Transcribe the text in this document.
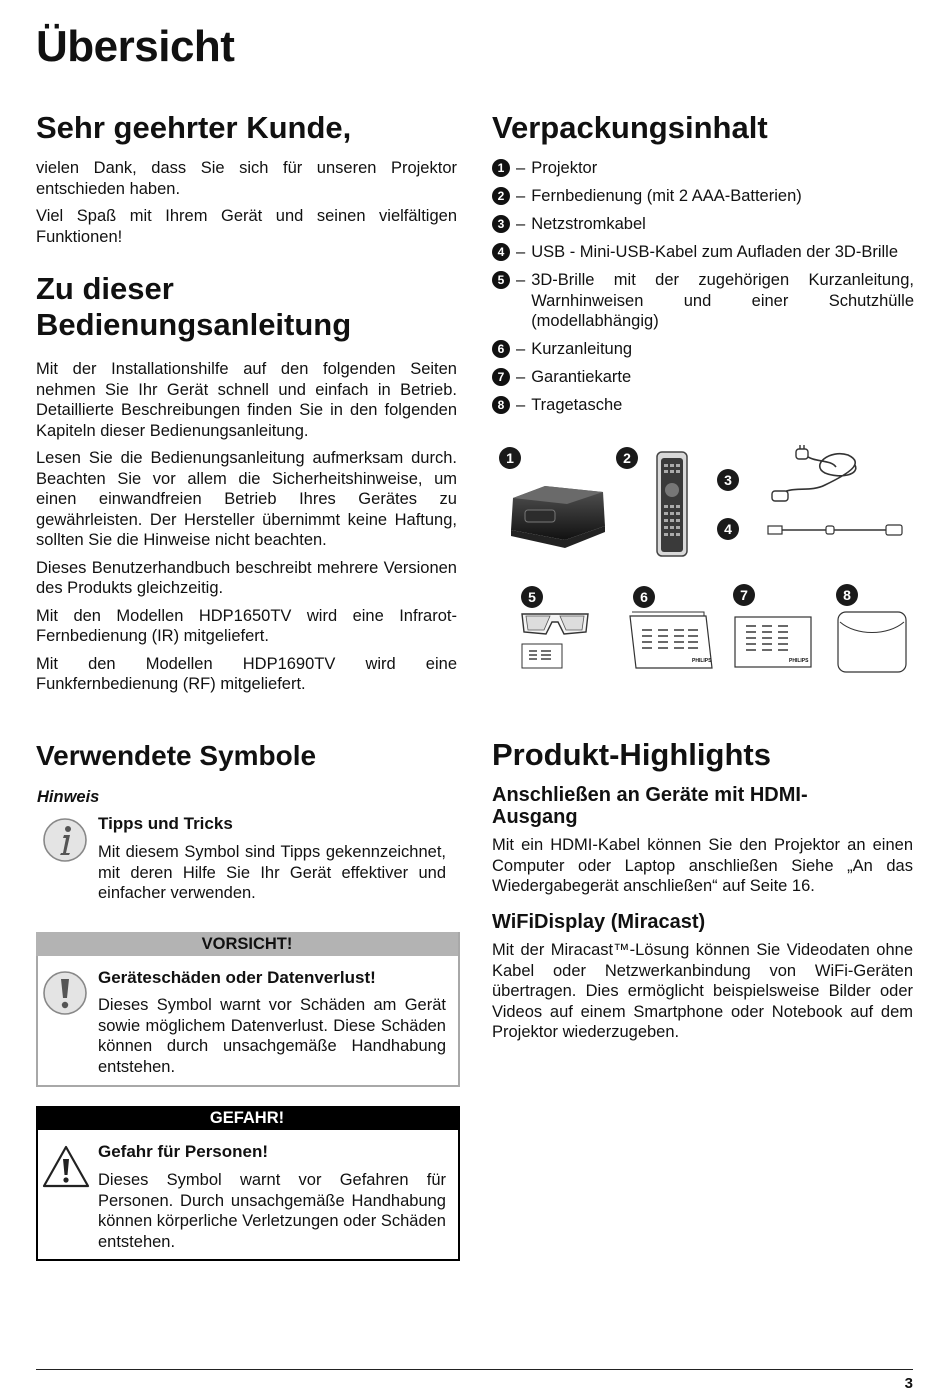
Übersicht
Sehr geehrter Kunde,

vielen Dank, dass Sie sich für unseren Projektor entschieden haben.

Viel Spaß mit Ihrem Gerät und seinen vielfältigen Funktionen!

Zu dieser
Bedienungsanleitung

Mit der Installationshilfe auf den folgenden Seiten nehmen Sie Ihr Gerät schnell und einfach in Betrieb. Detaillierte Beschreibungen finden Sie in den folgenden Kapiteln dieser Bedienungsanleitung.

Lesen Sie die Bedienungsanleitung aufmerksam durch. Beachten Sie vor allem die Sicherheitshinweise, um einen einwandfreien Betrieb Ihres Gerätes zu gewährleisten. Der Hersteller übernimmt keine Haftung, sollten Sie die Hinweise nicht beachten.

Dieses Benutzerhandbuch beschreibt mehrere Versionen des Produkts gleichzeitig.

Mit den Modellen HDP1650TV wird eine Infrarot-Fernbedienung (IR) mitgeliefert.

Mit den Modellen HDP1690TV wird eine Funkfernbedienung (RF) mitgeliefert.

Verpackungsinhalt
1 – Projektor
2 – Fernbedienung (mit 2 AAA-Batterien)
3 – Netzstromkabel
4 – USB - Mini-USB-Kabel zum Aufladen der 3D-Brille
5 – 3D-Brille mit der zugehörigen Kurzanleitung, Warnhinweisen und einer Schutzhülle (modellabhängig)
6 – Kurzanleitung
7 – Garantiekarte
8 – Tragetasche
1	2
3
4
5	6	7	8
PHILIPS	PHILIPS
Verwendete Symbole
Hinweis
Tipps und Tricks

Mit diesem Symbol sind Tipps gekennzeichnet, mit deren Hilfe Sie Ihr Gerät effektiver und einfacher verwenden.

VORSICHT!
Geräteschäden oder Datenverlust!

Dieses Symbol warnt vor Schäden am Gerät sowie möglichem Datenverlust. Diese Schäden können durch unsachgemäße Handhabung entstehen.

GEFAHR!
Gefahr für Personen!

Dieses Symbol warnt vor Gefahren für Personen. Durch unsachgemäße Handhabung können körperliche Verletzungen oder Schäden entstehen.

Produkt-Highlights
Anschließen an Geräte mit HDMI-
Ausgang

Mit ein HDMI-Kabel können Sie den Projektor an einen Computer oder Laptop anschließen Siehe „An das Wiedergabegerät anschließen“ auf Seite 16.

WiFiDisplay (Miracast)

Mit der Miracast™-Lösung können Sie Videodaten ohne Kabel oder Netzwerkanbindung von WiFi-Geräten übertragen. Dies ermöglicht beispielsweise Bilder oder Videos auf einem Smartphone oder Notebook auf dem Projektor wiederzugeben.

3
